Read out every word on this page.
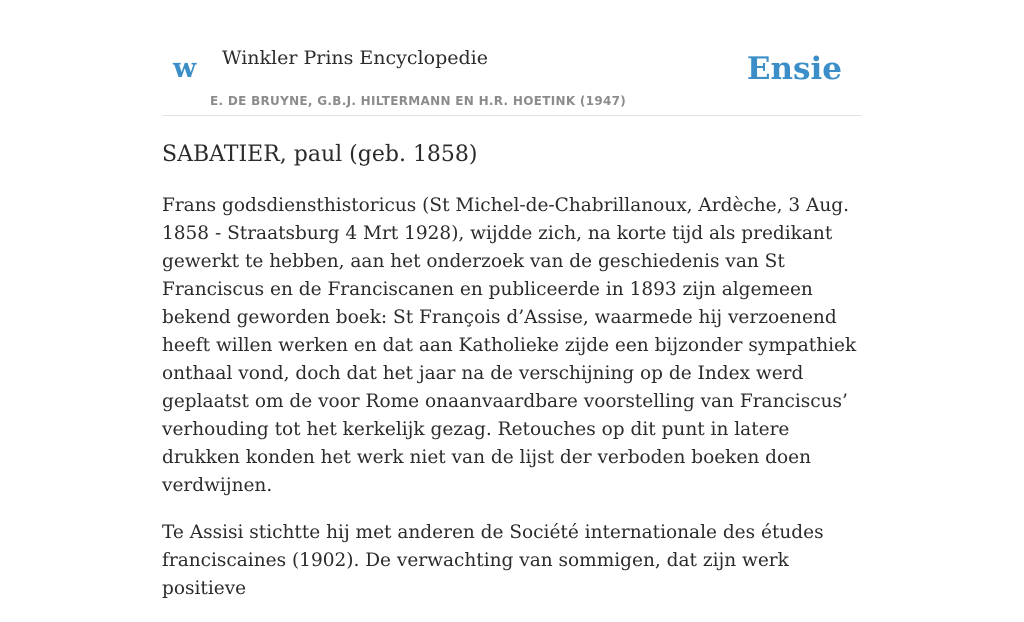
w Winkler Prins Encyclopedie
E. DE BRUYNE, G.B.J. HILTERMANN EN H.R. HOETINK (1947)
Ensie
SABATIER, paul (geb. 1858)

Frans godsdiensthistoricus (St Michel-de-Chabrillanoux, Ardèche, 3 Aug. 1858 - Straatsburg 4 Mrt 1928), wijdde zich, na korte tijd als predikant gewerkt te hebben, aan het onderzoek van de geschiedenis van St Franciscus en de Franciscanen en publiceerde in 1893 zijn algemeen bekend geworden boek: St François d’Assise, waarmede hij verzoenend heeft willen werken en dat aan Katholieke zijde een bijzonder sympathiek onthaal vond, doch dat het jaar na de verschijning op de Index werd geplaatst om de voor Rome onaanvaardbare voorstelling van Franciscus’ verhouding tot het kerkelijk gezag. Retouches op dit punt in latere drukken konden het werk niet van de lijst der verboden boeken doen verdwijnen.

Te Assisi stichtte hij met anderen de Société internationale des études franciscaines (1902). De verwachting van sommigen, dat zijn werk positieve
